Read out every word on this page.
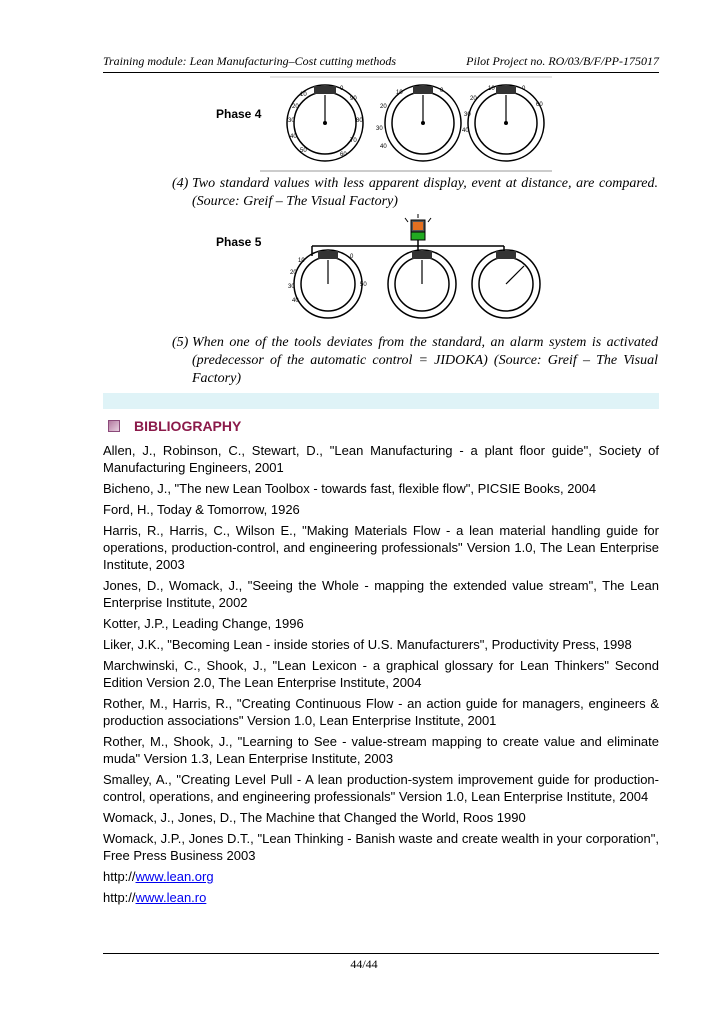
Training module: Lean Manufacturing–Cost cutting methods	Pilot Project no. RO/03/B/F/PP-175017
Phase 4
10
20
30
40
50
60
70
80
90
0
20
30
40
10	0
20
30
40
60
10	0
(4) Two standard values with less apparent display, event at distance, are compared. (Source: Greif – The Visual Factory)
Phase 5
10
20
30
40
50
0
(5) When one of the tools deviates from the standard, an alarm system is activated (predecessor of the automatic control = JIDOKA) (Source: Greif – The Visual Factory)
BIBLIOGRAPHY
Allen, J., Robinson, C., Stewart, D., "Lean Manufacturing - a plant floor guide", Society of Manufacturing Engineers, 2001
Bicheno, J., "The new Lean Toolbox - towards fast, flexible flow", PICSIE Books, 2004
Ford, H., Today & Tomorrow, 1926
Harris, R., Harris, C., Wilson E., "Making Materials Flow - a lean material handling guide for operations, production-control, and engineering professionals" Version 1.0, The Lean Enterprise Institute, 2003
Jones, D., Womack, J., "Seeing the Whole - mapping the extended value stream", The Lean Enterprise Institute, 2002
Kotter, J.P., Leading Change, 1996
Liker, J.K., "Becoming Lean - inside stories of U.S. Manufacturers", Productivity Press, 1998
Marchwinski, C., Shook, J., "Lean Lexicon - a graphical glossary for Lean Thinkers" Second Edition Version 2.0, The Lean Enterprise Institute, 2004
Rother, M., Harris, R., "Creating Continuous Flow - an action guide for managers, engineers & production associations" Version 1.0, Lean Enterprise Institute, 2001
Rother, M., Shook, J., "Learning to See - value-stream mapping to create value and eliminate muda" Version 1.3, Lean Enterprise Institute, 2003
Smalley, A., "Creating Level Pull - A lean production-system improvement guide for production-control, operations, and engineering professionals" Version 1.0, Lean Enterprise Institute, 2004
Womack, J., Jones, D., The Machine that Changed the World, Roos 1990
Womack, J.P., Jones D.T., "Lean Thinking - Banish waste and create wealth in your corporation", Free Press Business 2003
http://www.lean.org
http://www.lean.ro
44/44
